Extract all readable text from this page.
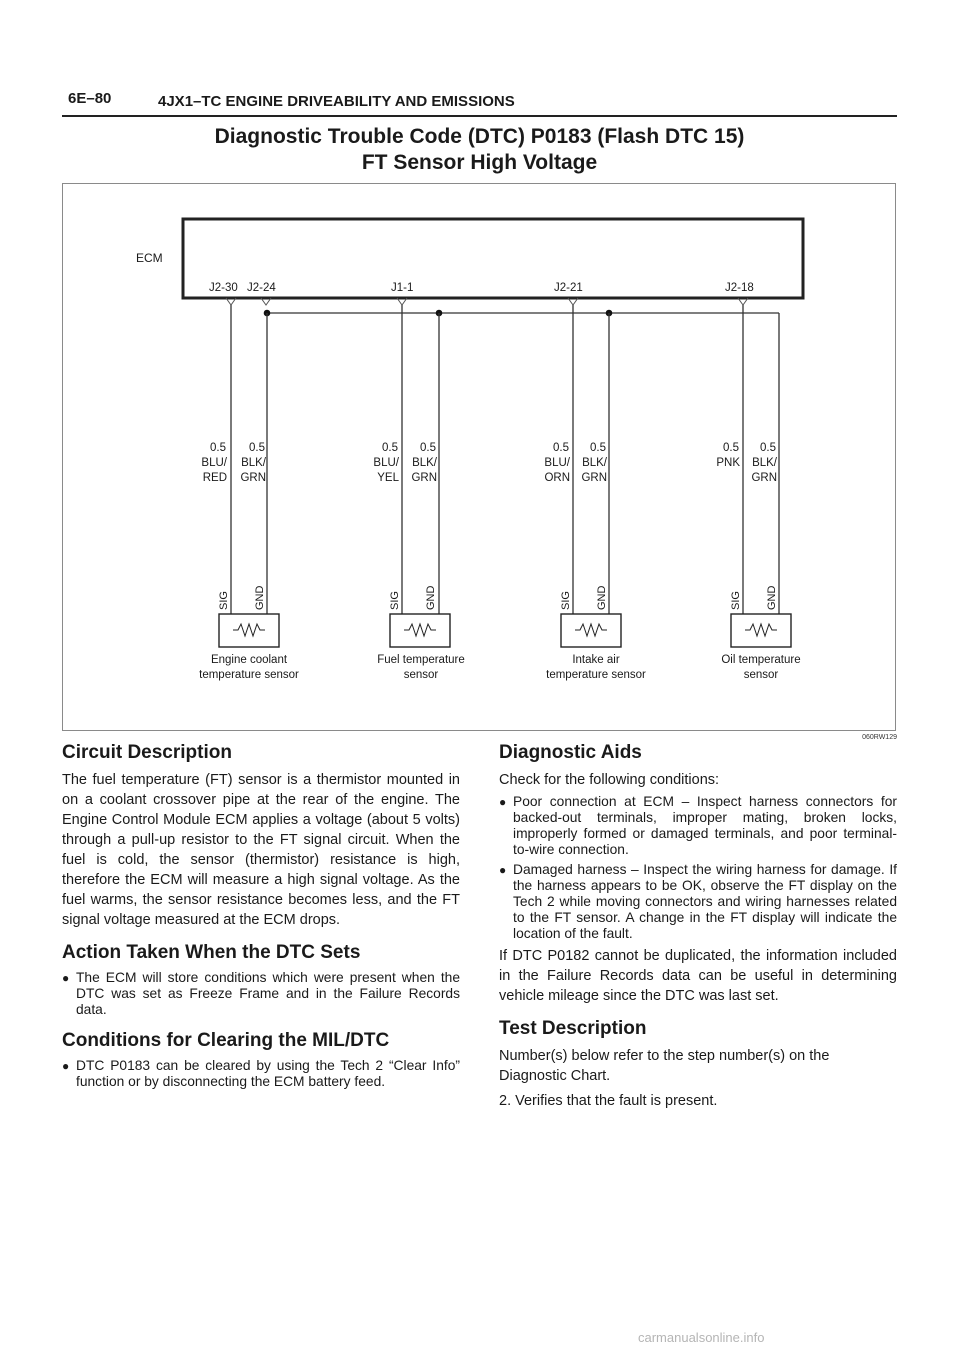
6E–80	4JX1–TC ENGINE DRIVEABILITY AND EMISSIONS
Diagnostic Trouble Code (DTC) P0183 (Flash DTC 15)
FT Sensor High Voltage
ECM
J2-30 J2-24	J1-1	J2-21	J2-18
0.5
BLU/
RED
0.5
BLK/
GRN
0.5
BLU/
YEL
0.5
BLK/
GRN
0.5
BLU/
ORN
0.5
BLK/
GRN
0.5
PNK
0.5
BLK/
GRN
SIG GND	SIG GND	SIG GND	SIG GND
Engine coolant
temperature sensor
Fuel temperature
sensor
Intake air
temperature sensor
Oil temperature
sensor
060RW129
Circuit Description

The fuel temperature (FT) sensor is a thermistor mounted in on a coolant crossover pipe at the rear of the engine. The Engine Control Module ECM applies a voltage (about 5 volts) through a pull-up resistor to the FT signal circuit. When the fuel is cold, the sensor (thermistor) resistance is high, therefore the ECM will measure a high signal voltage. As the fuel warms, the sensor resistance becomes less, and the FT signal voltage measured at the ECM drops.

Action Taken When the DTC Sets
● The ECM will store conditions which were present when the DTC was set as Freeze Frame and in the Failure Records data.
Conditions for Clearing the MIL/DTC
● DTC P0183 can be cleared by using the Tech 2 “Clear Info” function or by disconnecting the ECM battery feed.
Diagnostic Aids

Check for the following conditions:

● Poor connection at ECM – Inspect harness connectors for backed-out terminals, improper mating, broken locks, improperly formed or damaged terminals, and poor terminal-to-wire connection.
● Damaged harness – Inspect the wiring harness for damage. If the harness appears to be OK, observe the FT display on the Tech 2 while moving connectors and wiring harnesses related to the FT sensor. A change in the FT display will indicate the location of the fault.

If DTC P0182 cannot be duplicated, the information included in the Failure Records data can be useful in determining vehicle mileage since the DTC was last set.

Test Description

Number(s) below refer to the step number(s) on the Diagnostic Chart.

2. Verifies that the fault is present.

carmanualsonline.info
